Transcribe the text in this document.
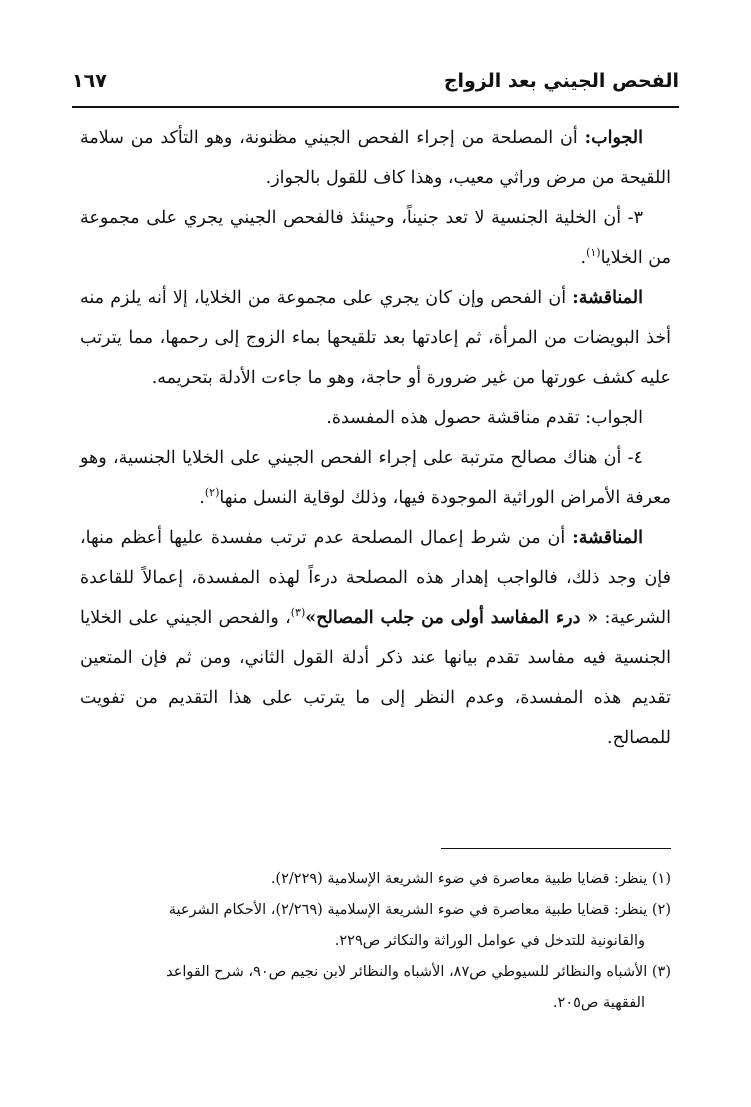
الفحص الجيني بعد الزواج
١٦٧

الجواب: أن المصلحة من إجراء الفحص الجيني مظنونة، وهو التأكد من سلامة اللقيحة من مرض وراثي معيب، وهذا كاف للقول بالجواز.

٣- أن الخلية الجنسية لا تعد جنيناً، وحينئذ فالفحص الجيني يجري على مجموعة من الخلايا$^{(١)}$.

المناقشة: أن الفحص وإن كان يجري على مجموعة من الخلايا، إلا أنه يلزم منه أخذ البويضات من المرأة، ثم إعادتها بعد تلقيحها بماء الزوج إلى رحمها، مما يترتب عليه كشف عورتها من غير ضرورة أو حاجة، وهو ما جاءت الأدلة بتحريمه.

الجواب: تقدم مناقشة حصول هذه المفسدة.

٤- أن هناك مصالح مترتبة على إجراء الفحص الجيني على الخلايا الجنسية، وهو معرفة الأمراض الوراثية الموجودة فيها، وذلك لوقاية النسل منها$^{(٢)}$.

المناقشة: أن من شرط إعمال المصلحة عدم ترتب مفسدة عليها أعظم منها، فإن وجد ذلك، فالواجب إهدار هذه المصلحة درءاً لهذه المفسدة، إعمالاً للقاعدة الشرعية: « درء المفاسد أولى من جلب المصالح»$^{(٣)}$، والفحص الجيني على الخلايا الجنسية فيه مفاسد تقدم بيانها عند ذكر أدلة القول الثاني، ومن ثم فإن المتعين تقديم هذه المفسدة، وعدم النظر إلى ما يترتب على هذا التقديم من تفويت للمصالح.

(١) ينظر: قضايا طبية معاصرة في ضوء الشريعة الإسلامية (٢/٢٢٩).

(٢) ينظر: قضايا طبية معاصرة في ضوء الشريعة الإسلامية (٢/٢٦٩)، الأحكام الشرعية

والقانونية للتدخل في عوامل الوراثة والتكاثر ص٢٢٩.

(٣) الأشباه والنظائر للسيوطي ص٨٧، الأشباه والنظائر لابن نجيم ص٩٠، شرح القواعد

الفقهية ص٢٠٥.
